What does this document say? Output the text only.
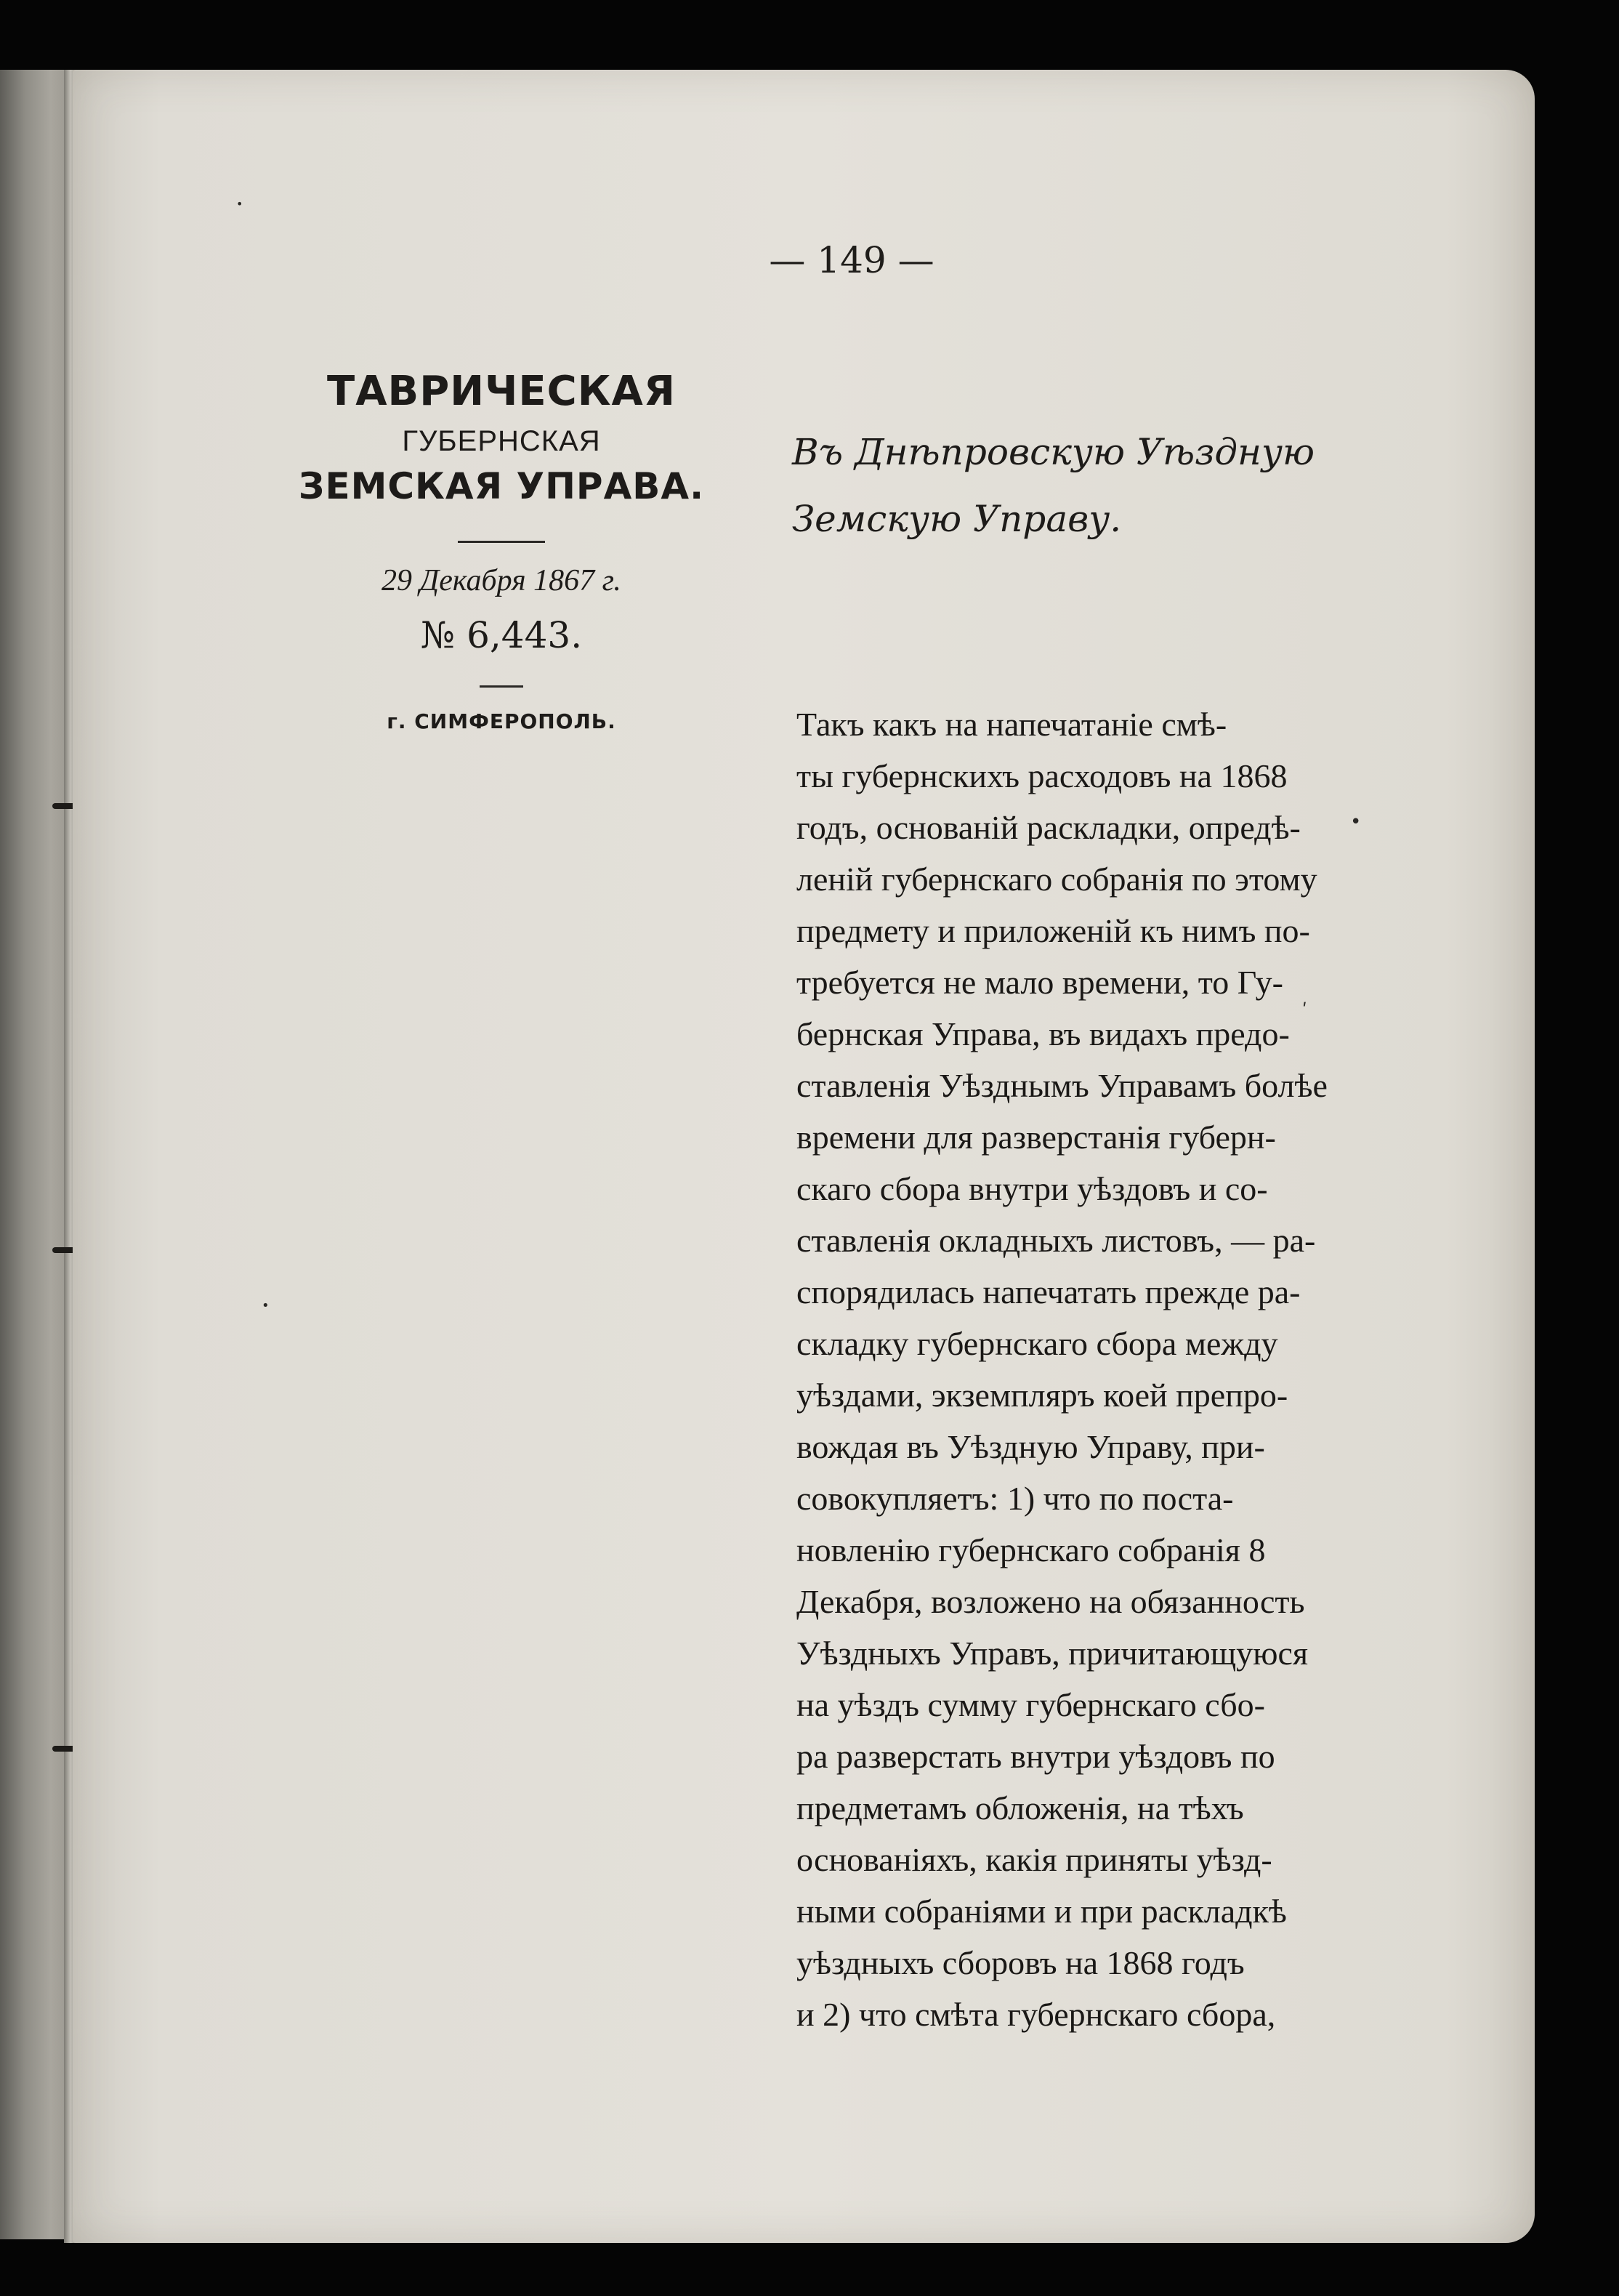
— 149 —
ТАВРИЧЕСКАЯ
ГУБЕРНСКАЯ
ЗЕМСКАЯ УПРАВА.
29 Декабря 1867 г.
№ 6,443.
г. СИМФЕРОПОЛЬ.
Въ Днѣпровскую Уѣздную
Земскую Управу.
Такъ какъ на напечатаніе смѣ-
ты губернскихъ расходовъ на 1868
годъ, основаній раскладки, опредѣ-
леній губернскаго собранія по этому
предмету и приложеній къ нимъ по-
требуется не мало времени, то Гу-
бернская Управа, въ видахъ предо-
ставленія Уѣзднымъ Управамъ болѣе
времени для разверстанія губерн-
скаго сбора внутри уѣздовъ и со-
ставленія окладныхъ листовъ, — ра-
спорядилась напечатать прежде ра-
складку губернскаго сбора между
уѣздами, экземпляръ коей препро-
вождая въ Уѣздную Управу, при-
совокупляетъ: 1) что по поста-
новленію губернскаго собранія 8
Декабря, возложено на обязанность
Уѣздныхъ Управъ, причитающуюся
на уѣздъ сумму губернскаго сбо-
ра разверстать внутри уѣздовъ по
предметамъ обложенія, на тѣхъ
основаніяхъ, какія приняты уѣзд-
ными собраніями и при раскладкѣ
уѣздныхъ сборовъ на 1868 годъ
и 2) что смѣта губернскаго сбора,
•
ʹ
•
•
